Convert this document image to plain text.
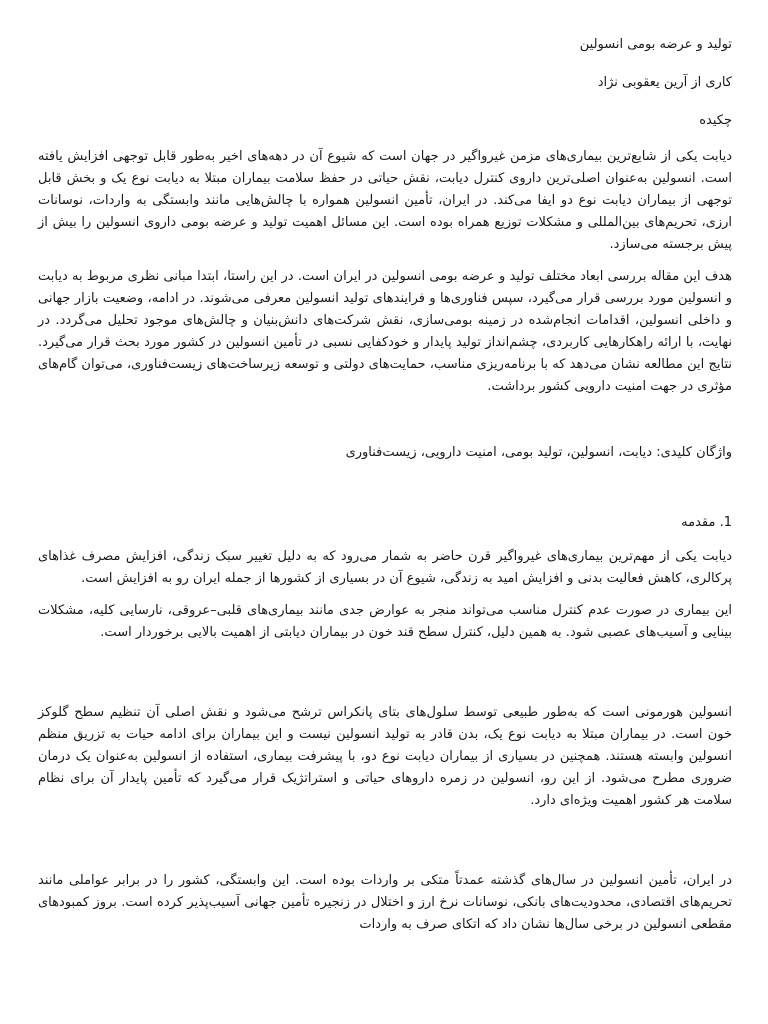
تولید و عرضه بومی انسولین

کاری از آرین یعقوبی نژاد

چکیده

دیابت یکی از شایع‌ترین بیماری‌های مزمن غیرواگیر در جهان است که شیوع آن در دهه‌های اخیر به‌طور قابل توجهی افزایش یافته است. انسولین به‌عنوان اصلی‌ترین داروی کنترل دیابت، نقش حیاتی در حفظ سلامت بیماران مبتلا به دیابت نوع یک و بخش قابل توجهی از بیماران دیابت نوع دو ایفا می‌کند. در ایران، تأمین انسولین همواره با چالش‌هایی مانند وابستگی به واردات، نوسانات ارزی، تحریم‌های بین‌المللی و مشکلات توزیع همراه بوده است. این مسائل اهمیت تولید و عرضه بومی داروی انسولین را بیش از پیش برجسته می‌سازد.

هدف این مقاله بررسی ابعاد مختلف تولید و عرضه بومی انسولین در ایران است. در این راستا، ابتدا مبانی نظری مربوط به دیابت و انسولین مورد بررسی قرار می‌گیرد، سپس فناوری‌ها و فرایندهای تولید انسولین معرفی می‌شوند. در ادامه، وضعیت بازار جهانی و داخلی انسولین، اقدامات انجام‌شده در زمینه بومی‌سازی، نقش شرکت‌های دانش‌بنیان و چالش‌های موجود تحلیل می‌گردد. در نهایت، با ارائه راهکارهایی کاربردی، چشم‌انداز تولید پایدار و خودکفایی نسبی در تأمین انسولین در کشور مورد بحث قرار می‌گیرد. نتایج این مطالعه نشان می‌دهد که با برنامه‌ریزی مناسب، حمایت‌های دولتی و توسعه زیرساخت‌های زیست‌فناوری، می‌توان گام‌های مؤثری در جهت امنیت دارویی کشور برداشت.

واژگان کلیدی: دیابت، انسولین، تولید بومی، امنیت دارویی، زیست‌فناوری

1. مقدمه

دیابت یکی از مهم‌ترین بیماری‌های غیرواگیر قرن حاضر به شمار می‌رود که به دلیل تغییر سبک زندگی، افزایش مصرف غذاهای پرکالری، کاهش فعالیت بدنی و افزایش امید به زندگی، شیوع آن در بسیاری از کشورها از جمله ایران رو به افزایش است.

این بیماری در صورت عدم کنترل مناسب می‌تواند منجر به عوارض جدی مانند بیماری‌های قلبی–عروقی، نارسایی کلیه، مشکلات بینایی و آسیب‌های عصبی شود. به همین دلیل، کنترل سطح قند خون در بیماران دیابتی از اهمیت بالایی برخوردار است.

انسولین هورمونی است که به‌طور طبیعی توسط سلول‌های بتای پانکراس ترشح می‌شود و نقش اصلی آن تنظیم سطح گلوکز خون است. در بیماران مبتلا به دیابت نوع یک، بدن قادر به تولید انسولین نیست و این بیماران برای ادامه حیات به تزریق منظم انسولین وابسته هستند. همچنین در بسیاری از بیماران دیابت نوع دو، با پیشرفت بیماری، استفاده از انسولین به‌عنوان یک درمان ضروری مطرح می‌شود. از این رو، انسولین در زمره داروهای حیاتی و استراتژیک قرار می‌گیرد که تأمین پایدار آن برای نظام سلامت هر کشور اهمیت ویژه‌ای دارد.

در ایران، تأمین انسولین در سال‌های گذشته عمدتاً متکی بر واردات بوده است. این وابستگی، کشور را در برابر عواملی مانند تحریم‌های اقتصادی، محدودیت‌های بانکی، نوسانات نرخ ارز و اختلال در زنجیره تأمین جهانی آسیب‌پذیر کرده است. بروز کمبودهای مقطعی انسولین در برخی سال‌ها نشان داد که اتکای صرف به واردات
